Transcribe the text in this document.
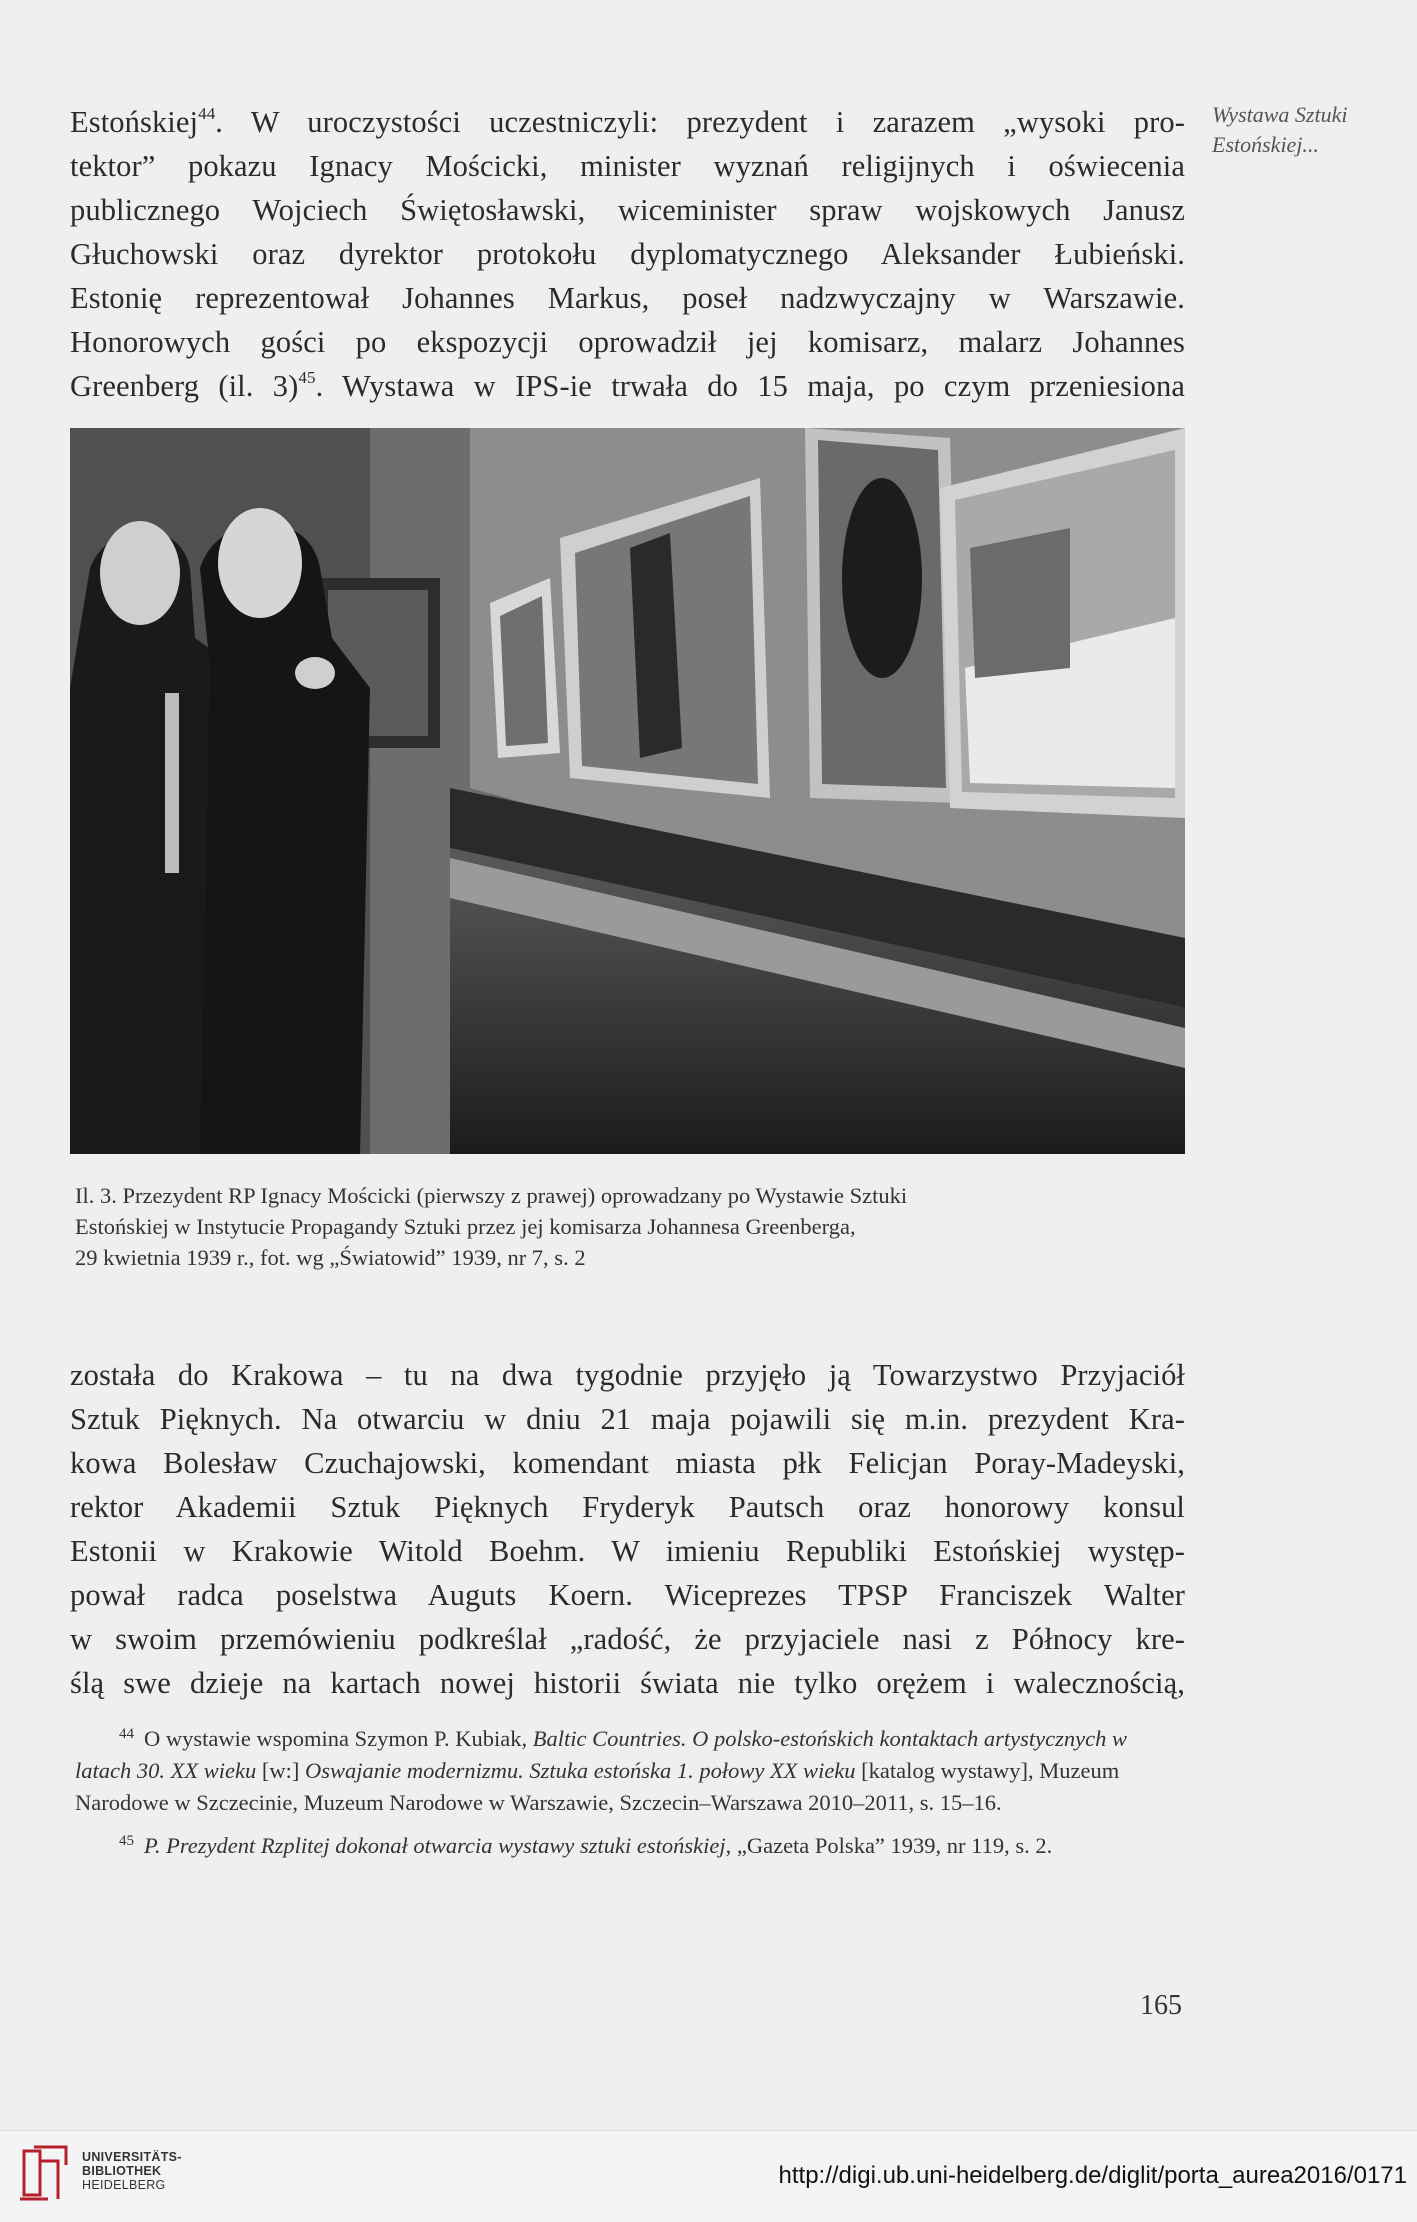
Wystawa Sztuki
Estońskiej...
Estońskiej$^{44}$. W uroczystości uczestniczyli: prezydent i zarazem „wysoki pro-
tektor” pokazu Ignacy Mościcki, minister wyznań religijnych i oświecenia
publicznego Wojciech Świętosławski, wiceminister spraw wojskowych Janusz
Głuchowski oraz dyrektor protokołu dyplomatycznego Aleksander Łubieński.
Estonię reprezentował Johannes Markus, poseł nadzwyczajny w Warszawie.
Honorowych gości po ekspozycji oprowadził jej komisarz, malarz Johannes
Greenberg (il. 3)$^{45}$. Wystawa w IPS-ie trwała do 15 maja, po czym przeniesiona
Il. 3. Przezydent RP Ignacy Mościcki (pierwszy z prawej) oprowadzany po Wystawie Sztuki
Estońskiej w Instytucie Propagandy Sztuki przez jej komisarza Johannesa Greenberga,
29 kwietnia 1939 r., fot. wg „Światowid” 1939, nr 7, s. 2
została do Krakowa – tu na dwa tygodnie przyjęło ją Towarzystwo Przyjaciół
Sztuk Pięknych. Na otwarciu w dniu 21 maja pojawili się m.in. prezydent Kra-
kowa Bolesław Czuchajowski, komendant miasta płk Felicjan Poray-Madeyski,
rektor Akademii Sztuk Pięknych Fryderyk Pautsch oraz honorowy konsul
Estonii w Krakowie Witold Boehm. W imieniu Republiki Estońskiej występ-
pował radca poselstwa Auguts Koern. Wiceprezes TPSP Franciszek Walter
w swoim przemówieniu podkreślał „radość, że przyjaciele nasi z Północy kre-
ślą swe dzieje na kartach nowej historii świata nie tylko orężem i walecznością,

$^{44}$ O wystawie wspomina Szymon P. Kubiak, Baltic Countries. O polsko-estońskich kontaktach artystycznych w latach 30. XX wieku [w:] Oswajanie modernizmu. Sztuka estońska 1. połowy XX wieku [katalog wystawy], Muzeum Narodowe w Szczecinie, Muzeum Narodowe w Warszawie, Szczecin–Warszawa 2010–2011, s. 15–16.

$^{45}$ P. Prezydent Rzplitej dokonał otwarcia wystawy sztuki estońskiej, „Gazeta Polska” 1939, nr 119, s. 2.

165
UNIVERSITÄTS-
BIBLIOTHEK
HEIDELBERG	http://digi.ub.uni-heidelberg.de/diglit/porta_aurea2016/0171
